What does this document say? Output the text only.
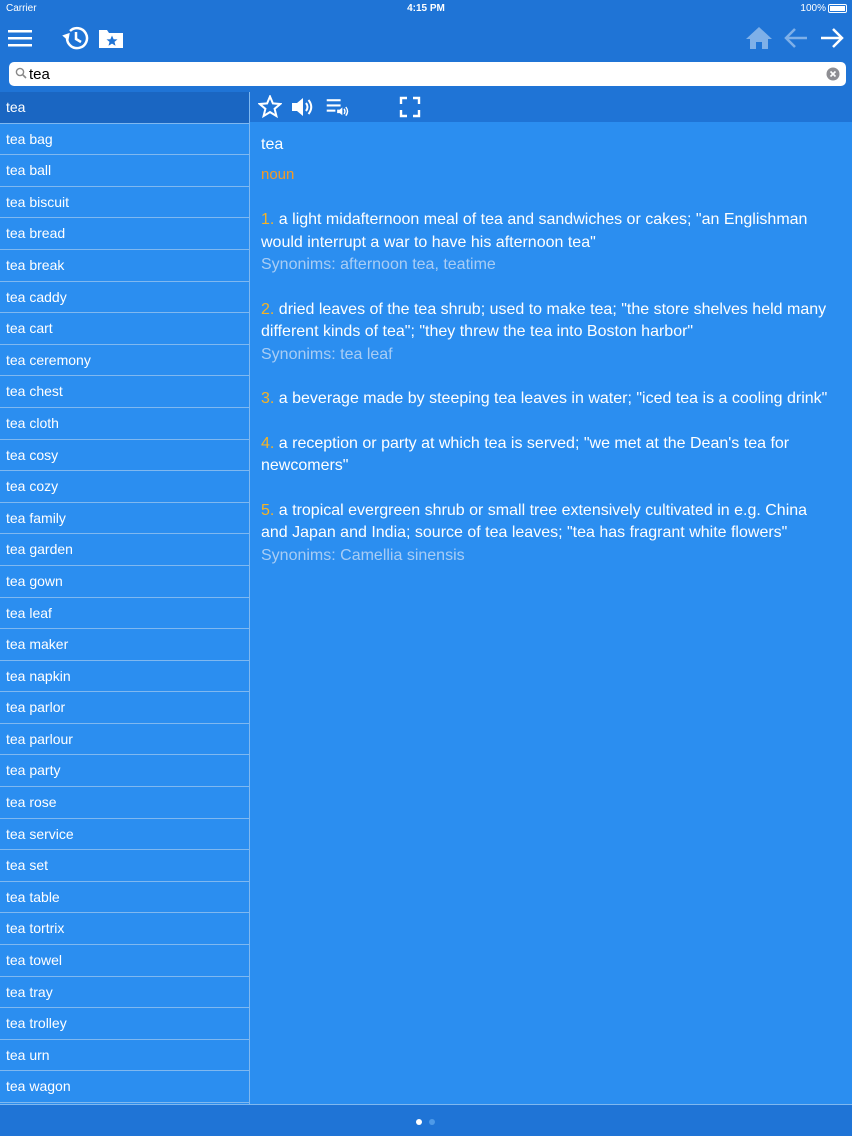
Carrier	4:15 PM	100%
tea
tea
tea bag
tea ball
tea biscuit
tea bread
tea break
tea caddy
tea cart
tea ceremony
tea chest
tea cloth
tea cosy
tea cozy
tea family
tea garden
tea gown
tea leaf
tea maker
tea napkin
tea parlor
tea parlour
tea party
tea rose
tea service
tea set
tea table
tea tortrix
tea towel
tea tray
tea trolley
tea urn
tea wagon
tea
noun
1. a light midafternoon meal of tea and sandwiches or cakes; "an Englishman would interrupt a war to have his afternoon tea"
Synonims: afternoon tea, teatime
2. dried leaves of the tea shrub; used to make tea; "the store shelves held many different kinds of tea"; "they threw the tea into Boston harbor"
Synonims: tea leaf
3. a beverage made by steeping tea leaves in water; "iced tea is a cooling drink"
4. a reception or party at which tea is served; "we met at the Dean's tea for newcomers"
5. a tropical evergreen shrub or small tree extensively cultivated in e.g. China and Japan and India; source of tea leaves; "tea has fragrant white flowers"
Synonims: Camellia sinensis
